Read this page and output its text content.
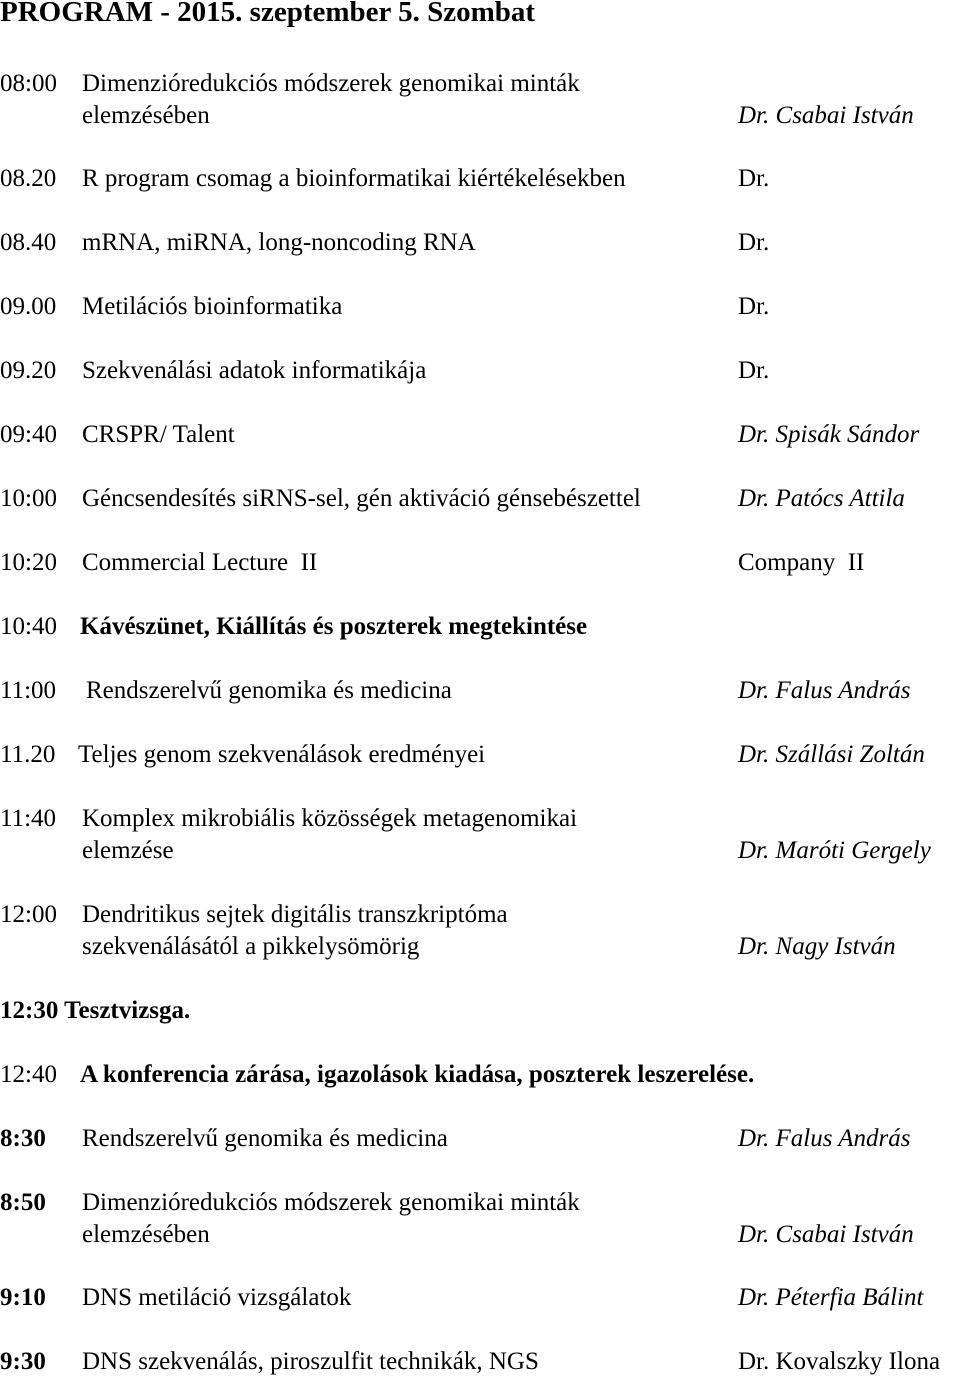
PROGRAM - 2015. szeptember 5. Szombat
08:00 Dimenzióredukciós módszerek genomikai minták
elemzésében	Dr. Csabai István
08.20 R program csomag a bioinformatikai kiértékelésekben	Dr.
08.40 mRNA, miRNA, long-noncoding RNA	Dr.
09.00 Metilációs bioinformatika	Dr.
09.20 Szekvenálási adatok informatikája	Dr.
09:40 CRSPR/ Talent	Dr. Spisák Sándor
10:00 Géncsendesítés siRNS-sel, gén aktiváció génsebészettel	Dr. Patócs Attila
10:20 Commercial Lecture  II	Company  II
10:40 Kávészünet, Kiállítás és poszterek megtekintése
11:00 Rendszerelvű genomika és medicina	Dr. Falus András
11.20 Teljes genom szekvenálások eredményei	Dr. Szállási Zoltán
11:40 Komplex mikrobiális közösségek metagenomikai
elemzése	Dr. Maróti Gergely
12:00 Dendritikus sejtek digitális transzkriptóma
szekvenálásától a pikkelysömörig	Dr. Nagy István
12:30 Tesztvizsga.
12:40 A konferencia zárása, igazolások kiadása, poszterek leszerelése.
8:30 Rendszerelvű genomika és medicina	Dr. Falus András
8:50 Dimenzióredukciós módszerek genomikai minták
elemzésében	Dr. Csabai István
9:10 DNS metiláció vizsgálatok	Dr. Péterfia Bálint
9:30 DNS szekvenálás, piroszulfit technikák, NGS	Dr. Kovalszky Ilona
